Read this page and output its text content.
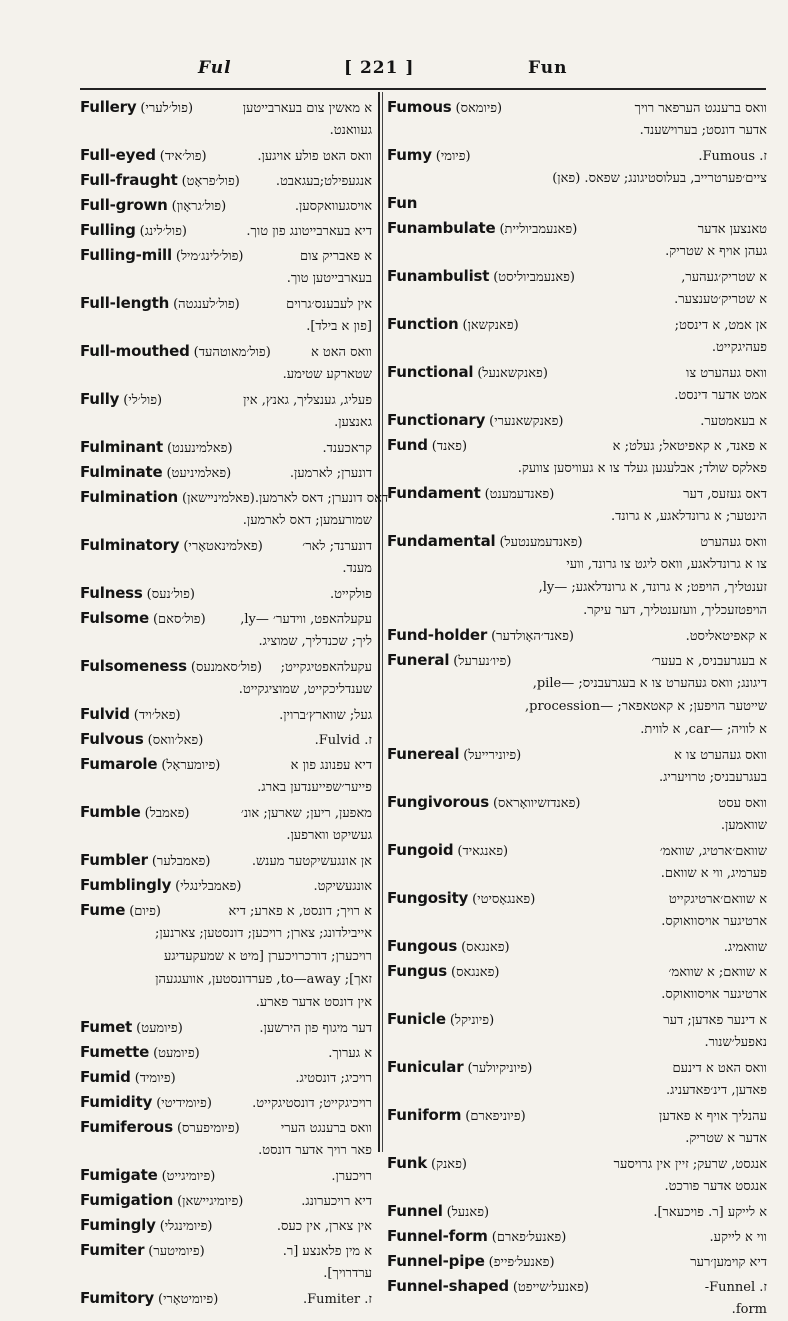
Ful	[ 221 ]	Fun
Fullery (פול׳לערי)	א מאשין צום בעארבייטען
געוואנט.
Full-eyed (פול׳איד)	וואס האט פולע אויגען.
Full-fraught (פול׳פראָט)	אנגעפילט;בעגאבט.
Full-grown (פול׳גראָון)	אויסגעוואקסען.
Fulling (פול׳לינג)	דיא בעארבייטונג פון טוך.
Fulling-mill (פול׳לינג׳מיל)	א פאבריק צום
בעארבייטען טוך.
Full-length (פול׳לענגטה)	אין לעבענס׳גרוים
[פון א בילד].
Full-mouthed (פול׳מאוטהעד)	וואס האט א
שטארקע שטימע.
Fully (פול׳לי)	פעליג, גענצליך, גאנץ, אין
גאנצען.
Fulminant (פאלמינענט)	קראכענד.
Fulminate (פאלמיניעט)	דונערן; לארמען.
Fulmination (פאלמינײשאן) דאס דונערן; דאס לארמען.
שמורעמען; דאס לארמען.
Fulminatory (פאלמינאטאָרי)	דונערנד; לאר׳
מענד.
Fulness (פול׳נעס)	פולקייט.
Fulsome (פול׳סאם)	עקעלהאפט, ווידער׳ —ly,
ליך; שכנדליך, שמוציג.
Fulsomeness (פול׳סאמנעס) עקעלהאפטיגקייט;
שענדליכקייט, שמוציגקייט.
Fulvid (פאל׳ויד)	געל; שווארץ׳ברוין.
Fulvous (פאל׳וואס)	ז. Fulvid.
Fumarole (פיומעראָל)	דיא עפנונג פון א
פייער׳שפייענדען בארג.
Fumble (פאמבל)	מאפען, ריען; שארען; אונ׳
געשיקט ווארפען.
Fumbler (פאמבלער)	אן אונגעשיקטער מענש.
Fumblingly (פאמבלינגלי)	אונגעשיקט.
Fume (פיום)	א רויך; דונסט, א פארע; דיא
אייבילדונג; צארן; רויכען; דונסטען; צארנען;
רויכערן; דורכרויכערן [מיט א שמעקעדיגע
זאך]; to—away, פערדונסטען, אוועגגעהן
אין דונסט אדער פארע.
Fumet (פיומעט)	דער מיגוף פון הירשען.
Fumette (פיומעט)	א גערוך.
Fumid (פיומיד)	רויכיג; דונסטיג.
Fumidity (פיומידיטי)	רויכיגקייט; דונסטיגקייט.
Fumiferous (פיומיפערס)	וואס ברענגט הערי
פאר רויך אדער דונסט.
Fumigate (פיומיגייט)	רויכערן.
Fumigation (פיומיגיישאן)	דיא רויכערונג.
Fumingly (פיומינגלי)	אין צארן, אין כעס.
Fumiter (פיומיטער)	א מין פלאנצע [ר.
ערדרויך].
Fumitory (פיומיטאָרי)	ז. Fumiter.
Fumous (פיומאס)	וואס ברענגט הערפאר רויך
אדער דונסט; בערוישענד.
Fumy (פיומי)	ז. Fumous.
ציים׳פערטרייב, בעלוסטיגונג; שפאס. (פאן)
Fun
Funambulate (פאנעמביוליית)	טאנצען אדער
געהן אויף א שטריק.
Funambulist (פאנעמביוליסט)	א שטריק׳געהער,
א שטריק׳טענצער.
Function (פאנקשאן)	אן אמט, א דינסט;
פעהיגקייט.
Functional (פאנקשאנעל)	וואס געהערט צו
אמט אדער דינסט.
Functionary (פאנקשאנערי)	א בעאמטער.
Fund (פאנד)	א פאנד, א קאפיטאל; געלט; א
פאלקס שולד; אבלעגען געלד צו א געוויסען צוועק.
Fundament (פאנדעמענט)	דאס געזעס, דער
הינטער; א גרונדלאגע, א גרונד.
Fundamental (פאנדעמענטעל)	וואס געהערט
צו א גרונדלאגע, וואס ליגט צו גרונד, וועי
זענטליך, הויפט; א גרונד, א גרונדלאגע; —ly,
הויפטזעכליך, וועזענטליך, דער עיקר.
Fund-holder (פאנד׳האָולדער)	א קאפיטאליסט.
Funeral (פיו׳נערעל)	א בעגרעבניס, א בעער׳
דיגונג; וואס געהערט צו א בעגרעבניס; —pile,
שייטער הויפען; א קאטאפאר; —procession,
א לוויה; —car, א לווית.
Funereal (פיונירייעל)	וואס געהערט צו א
בעגרעבניס; טרויעריג.
Fungivorous (פאנדזשיוואָראס)	וואס עסט
שוואמען.
Fungoid (פאנגאיד)	שוואם׳ארטיג, שוואמ׳
פערמיג, ווי א שוואם.
Fungosity (פאנגאָסיטי)	א שוואם׳ארטיגקייט
ארטיגער אויסוואוקס.
Fungous (פאנגאס)	שוואמיג.
Fungus (פאנגאס)	א שוואם; א שוואמ׳
ארטיגער אויסוואוקס.
Funicle (פיוניקל)	א דינער פאדען; דער
נאפעל׳שנור.
Funicular (פיוניקיולער)	וואס האט א דינעם
פאדען, דינ׳פאדעניג.
Funiform (פיוניפארם)	עהנליך אויף א פאדען
אדער א שטריק.
Funk (פאנק)	אנגסט, שרעק; זיין אין גרויסער
אנגסט אדער פורכט.
Funnel (פאנעל)	א לייקע [ר. פויכעאר].
Funnel-form (פאנעל׳פארם)	ווי א לייקע.
Funnel-pipe (פאנעל׳פייפ)	דיא קוימען׳רער
Funnel-shaped (פאנעל׳שייפט)	ז. Funnel-
form.
